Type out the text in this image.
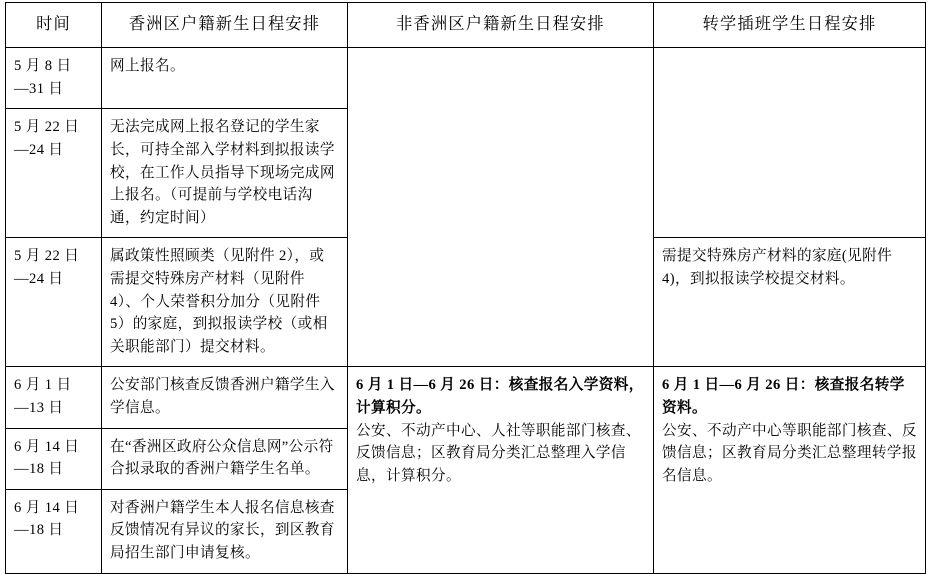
时间	香洲区户籍新生日程安排	非香洲区户籍新生日程安排	转学插班学生日程安排

5 月 8 日
—31 日	网上报名。		

5 月 22 日
—24 日	无法完成网上报名登记的学生家长，可持全部入学材料到拟报读学校，在工作人员指导下现场完成网上报名。（可提前与学校电话沟通，约定时间）		

5 月 22 日
—24 日	属政策性照顾类（见附件 2），或需提交特殊房产材料（见附件 4）、个人荣誉积分加分（见附件 5）的家庭，到拟报读学校（或相关职能部门）提交材料。		需提交特殊房产材料的家庭(见附件 4)，到拟报读学校提交材料。

6 月 1 日
—13 日	公安部门核查反馈香洲户籍学生入学信息。	6 月 1 日—6 月 26 日：核查报名入学资料，计算积分。
公安、不动产中心、人社等职能部门核查、反馈信息；区教育局分类汇总整理入学信息，计算积分。	6 月 1 日—6 月 26 日：核查报名转学资料。
公安、不动产中心等职能部门核查、反馈信息；区教育局分类汇总整理转学报名信息。

6 月 14 日
—18 日	在“香洲区政府公众信息网”公示符合拟录取的香洲户籍学生名单。		

6 月 14 日
—18 日	对香洲户籍学生本人报名信息核查反馈情况有异议的家长，到区教育局招生部门申请复核。		
